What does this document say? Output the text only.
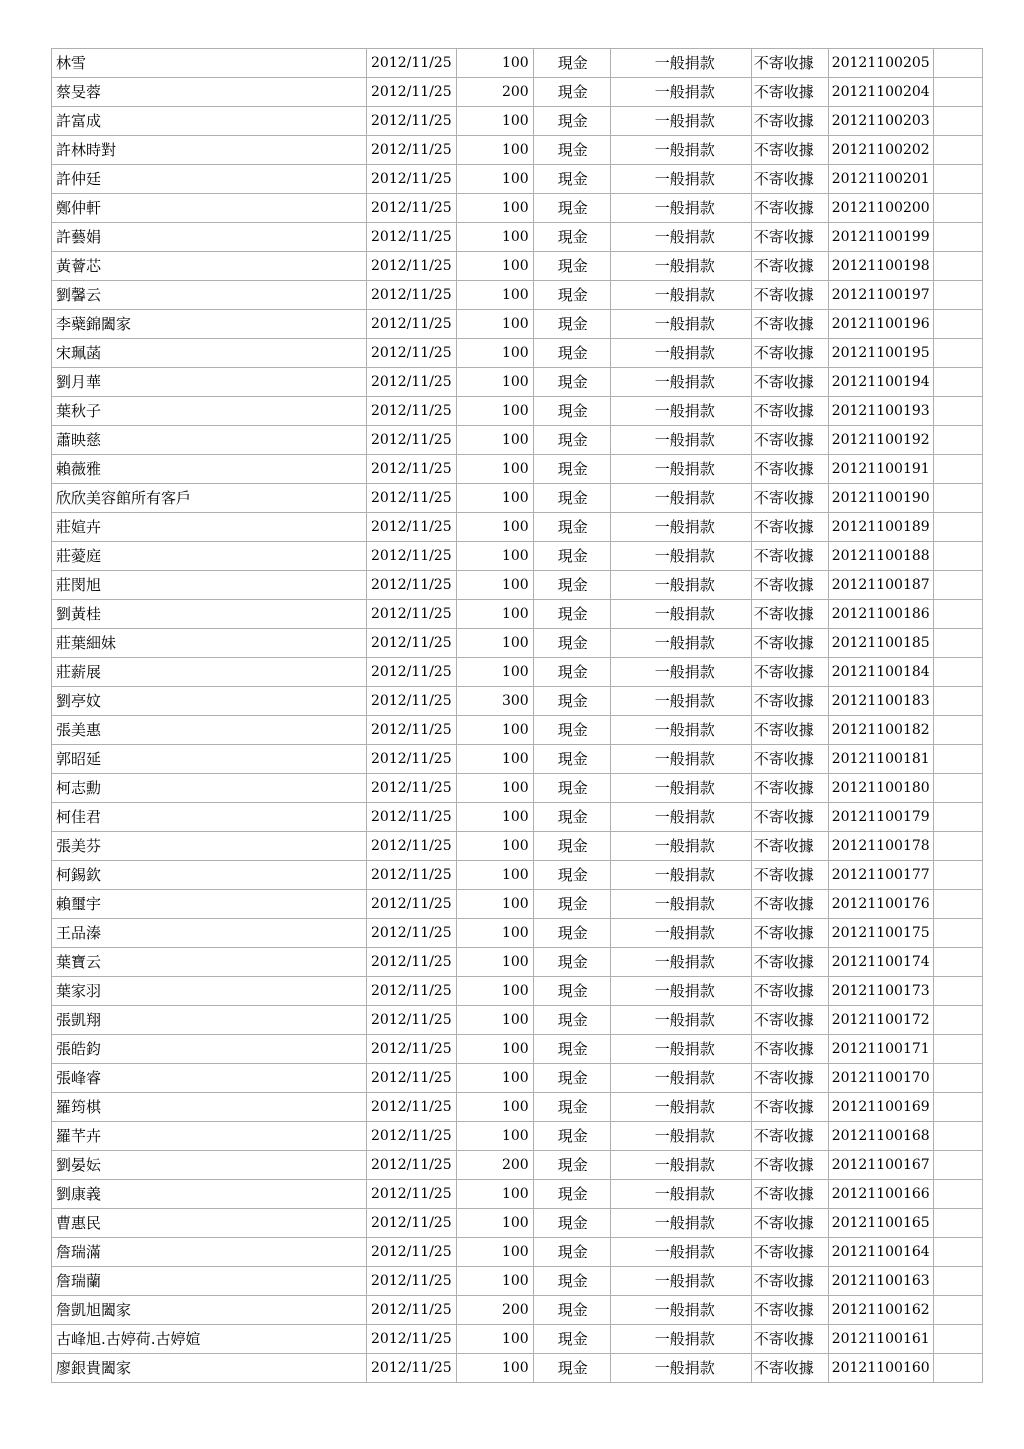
林雪	2012/11/25	100	現金	一般捐款	不寄收據	20121100205	
蔡旻蓉	2012/11/25	200	現金	一般捐款	不寄收據	20121100204	
許富成	2012/11/25	100	現金	一般捐款	不寄收據	20121100203	
許林時對	2012/11/25	100	現金	一般捐款	不寄收據	20121100202	
許仲廷	2012/11/25	100	現金	一般捐款	不寄收據	20121100201	
鄭仲軒	2012/11/25	100	現金	一般捐款	不寄收據	20121100200	
許藝娟	2012/11/25	100	現金	一般捐款	不寄收據	20121100199	
黃薈芯	2012/11/25	100	現金	一般捐款	不寄收據	20121100198	
劉馨云	2012/11/25	100	現金	一般捐款	不寄收據	20121100197	
李蘗錦闔家	2012/11/25	100	現金	一般捐款	不寄收據	20121100196	
宋珮菡	2012/11/25	100	現金	一般捐款	不寄收據	20121100195	
劉月華	2012/11/25	100	現金	一般捐款	不寄收據	20121100194	
葉秋子	2012/11/25	100	現金	一般捐款	不寄收據	20121100193	
蕭映慈	2012/11/25	100	現金	一般捐款	不寄收據	20121100192	
賴薇雅	2012/11/25	100	現金	一般捐款	不寄收據	20121100191	
欣欣美容館所有客戶	2012/11/25	100	現金	一般捐款	不寄收據	20121100190	
莊媗卉	2012/11/25	100	現金	一般捐款	不寄收據	20121100189	
莊薆庭	2012/11/25	100	現金	一般捐款	不寄收據	20121100188	
莊閔旭	2012/11/25	100	現金	一般捐款	不寄收據	20121100187	
劉黃桂	2012/11/25	100	現金	一般捐款	不寄收據	20121100186	
莊葉細妹	2012/11/25	100	現金	一般捐款	不寄收據	20121100185	
莊薪展	2012/11/25	100	現金	一般捐款	不寄收據	20121100184	
劉亭妏	2012/11/25	300	現金	一般捐款	不寄收據	20121100183	
張美惠	2012/11/25	100	現金	一般捐款	不寄收據	20121100182	
郭昭延	2012/11/25	100	現金	一般捐款	不寄收據	20121100181	
柯志勳	2012/11/25	100	現金	一般捐款	不寄收據	20121100180	
柯佳君	2012/11/25	100	現金	一般捐款	不寄收據	20121100179	
張美芬	2012/11/25	100	現金	一般捐款	不寄收據	20121100178	
柯錫欽	2012/11/25	100	現金	一般捐款	不寄收據	20121100177	
賴璽宇	2012/11/25	100	現金	一般捐款	不寄收據	20121100176	
王品溱	2012/11/25	100	現金	一般捐款	不寄收據	20121100175	
葉寶云	2012/11/25	100	現金	一般捐款	不寄收據	20121100174	
葉家羽	2012/11/25	100	現金	一般捐款	不寄收據	20121100173	
張凱翔	2012/11/25	100	現金	一般捐款	不寄收據	20121100172	
張皓鈞	2012/11/25	100	現金	一般捐款	不寄收據	20121100171	
張峰睿	2012/11/25	100	現金	一般捐款	不寄收據	20121100170	
羅筠棋	2012/11/25	100	現金	一般捐款	不寄收據	20121100169	
羅芊卉	2012/11/25	100	現金	一般捐款	不寄收據	20121100168	
劉晏妘	2012/11/25	200	現金	一般捐款	不寄收據	20121100167	
劉康義	2012/11/25	100	現金	一般捐款	不寄收據	20121100166	
曹惠民	2012/11/25	100	現金	一般捐款	不寄收據	20121100165	
詹瑞滿	2012/11/25	100	現金	一般捐款	不寄收據	20121100164	
詹瑞蘭	2012/11/25	100	現金	一般捐款	不寄收據	20121100163	
詹凱旭闔家	2012/11/25	200	現金	一般捐款	不寄收據	20121100162	
古峰旭.古婷荷.古婷媗	2012/11/25	100	現金	一般捐款	不寄收據	20121100161	
廖銀貴闔家	2012/11/25	100	現金	一般捐款	不寄收據	20121100160	
